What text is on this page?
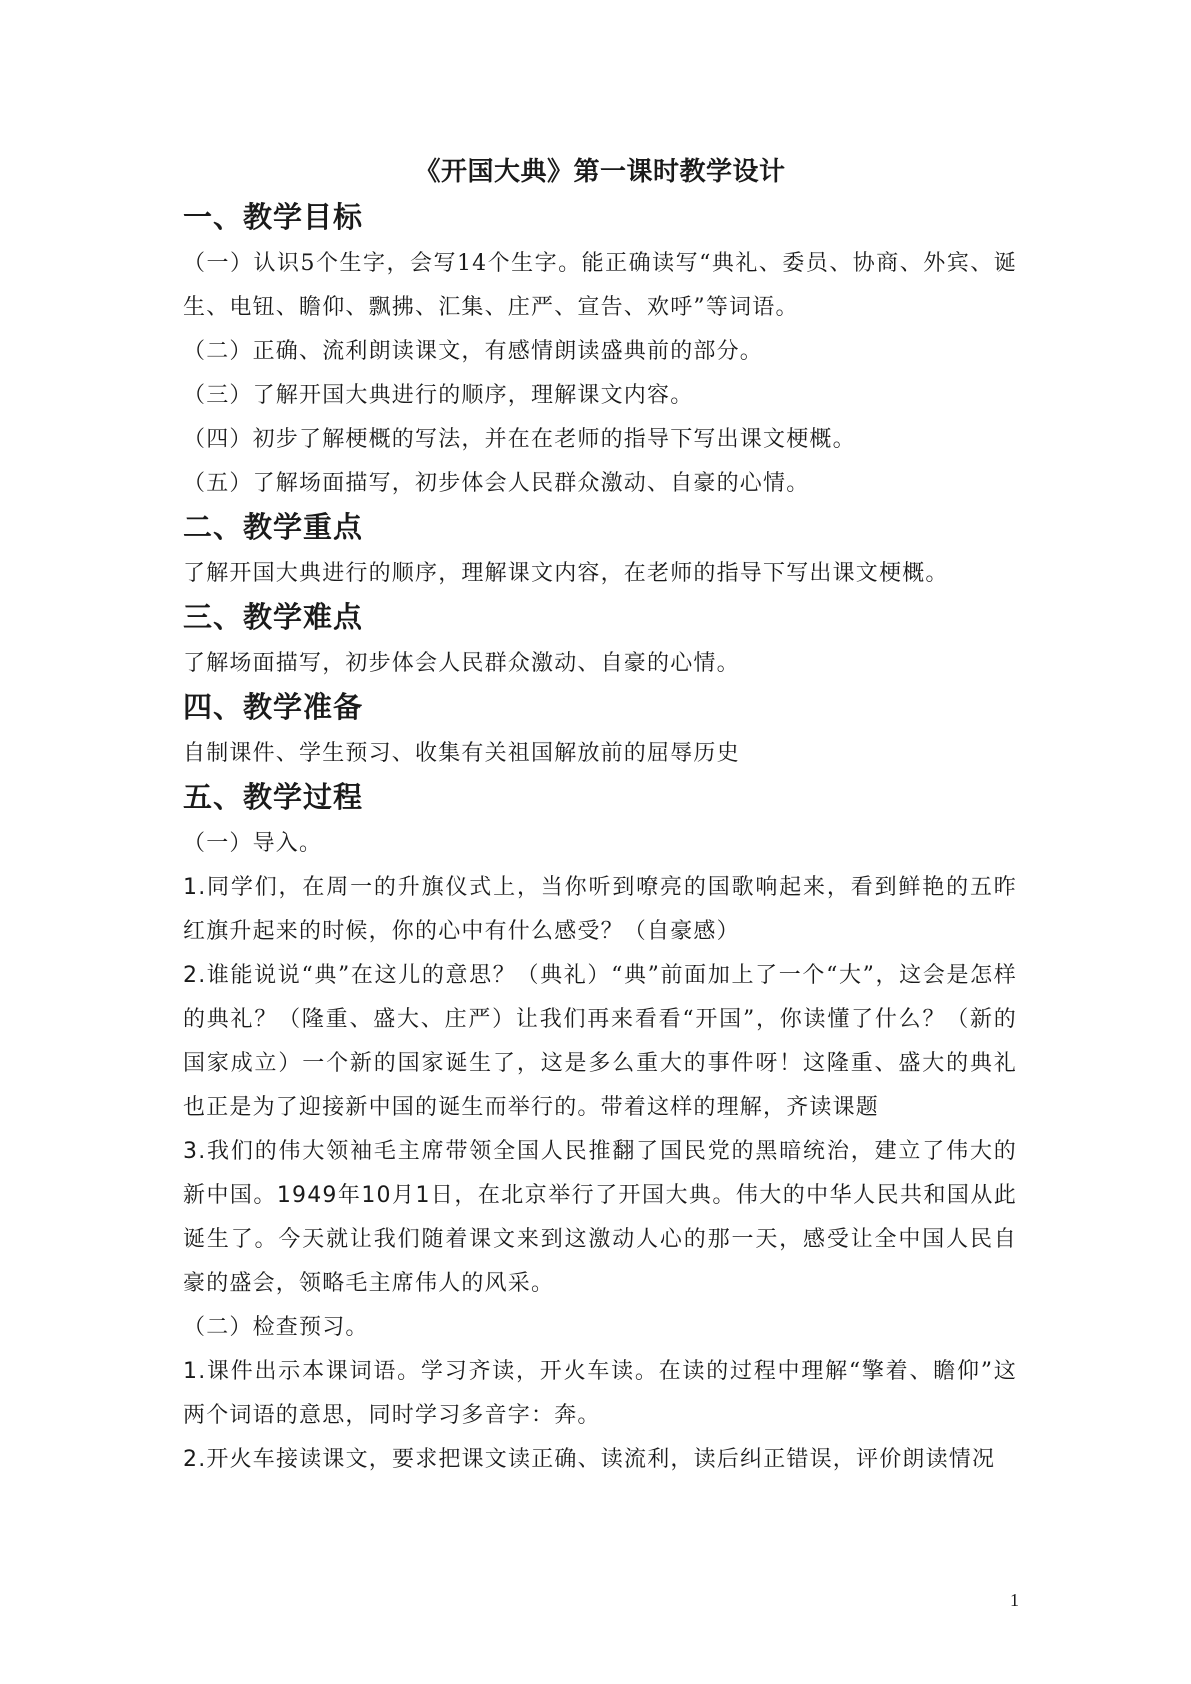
《开国大典》第一课时教学设计
一、教学目标
（一）认识5个生字，会写14个生字。能正确读写“典礼、委员、协商、外宾、诞生、电钮、瞻仰、飘拂、汇集、庄严、宣告、欢呼”等词语。
（二）正确、流利朗读课文，有感情朗读盛典前的部分。
（三）了解开国大典进行的顺序，理解课文内容。
（四）初步了解梗概的写法，并在在老师的指导下写出课文梗概。
（五）了解场面描写，初步体会人民群众激动、自豪的心情。
二、教学重点
了解开国大典进行的顺序，理解课文内容，在老师的指导下写出课文梗概。
三、教学难点
了解场面描写，初步体会人民群众激动、自豪的心情。
四、教学准备
自制课件、学生预习、收集有关祖国解放前的屈辱历史
五、教学过程
（一）导入。
1.同学们，在周一的升旗仪式上，当你听到嘹亮的国歌响起来，看到鲜艳的五昨红旗升起来的时候，你的心中有什么感受？（自豪感）
2.谁能说说“典”在这儿的意思？（典礼）“典”前面加上了一个“大”，这会是怎样的典礼？（隆重、盛大、庄严）让我们再来看看“开国”，你读懂了什么？（新的国家成立）一个新的国家诞生了，这是多么重大的事件呀！这隆重、盛大的典礼也正是为了迎接新中国的诞生而举行的。带着这样的理解，齐读课题
3.我们的伟大领袖毛主席带领全国人民推翻了国民党的黑暗统治，建立了伟大的新中国。1949年10月1日，在北京举行了开国大典。伟大的中华人民共和国从此诞生了。今天就让我们随着课文来到这激动人心的那一天，感受让全中国人民自豪的盛会，领略毛主席伟人的风采。
（二）检查预习。
1.课件出示本课词语。学习齐读，开火车读。在读的过程中理解“擎着、瞻仰”这两个词语的意思，同时学习多音字：奔。
2.开火车接读课文，要求把课文读正确、读流利，读后纠正错误，评价朗读情况
1
